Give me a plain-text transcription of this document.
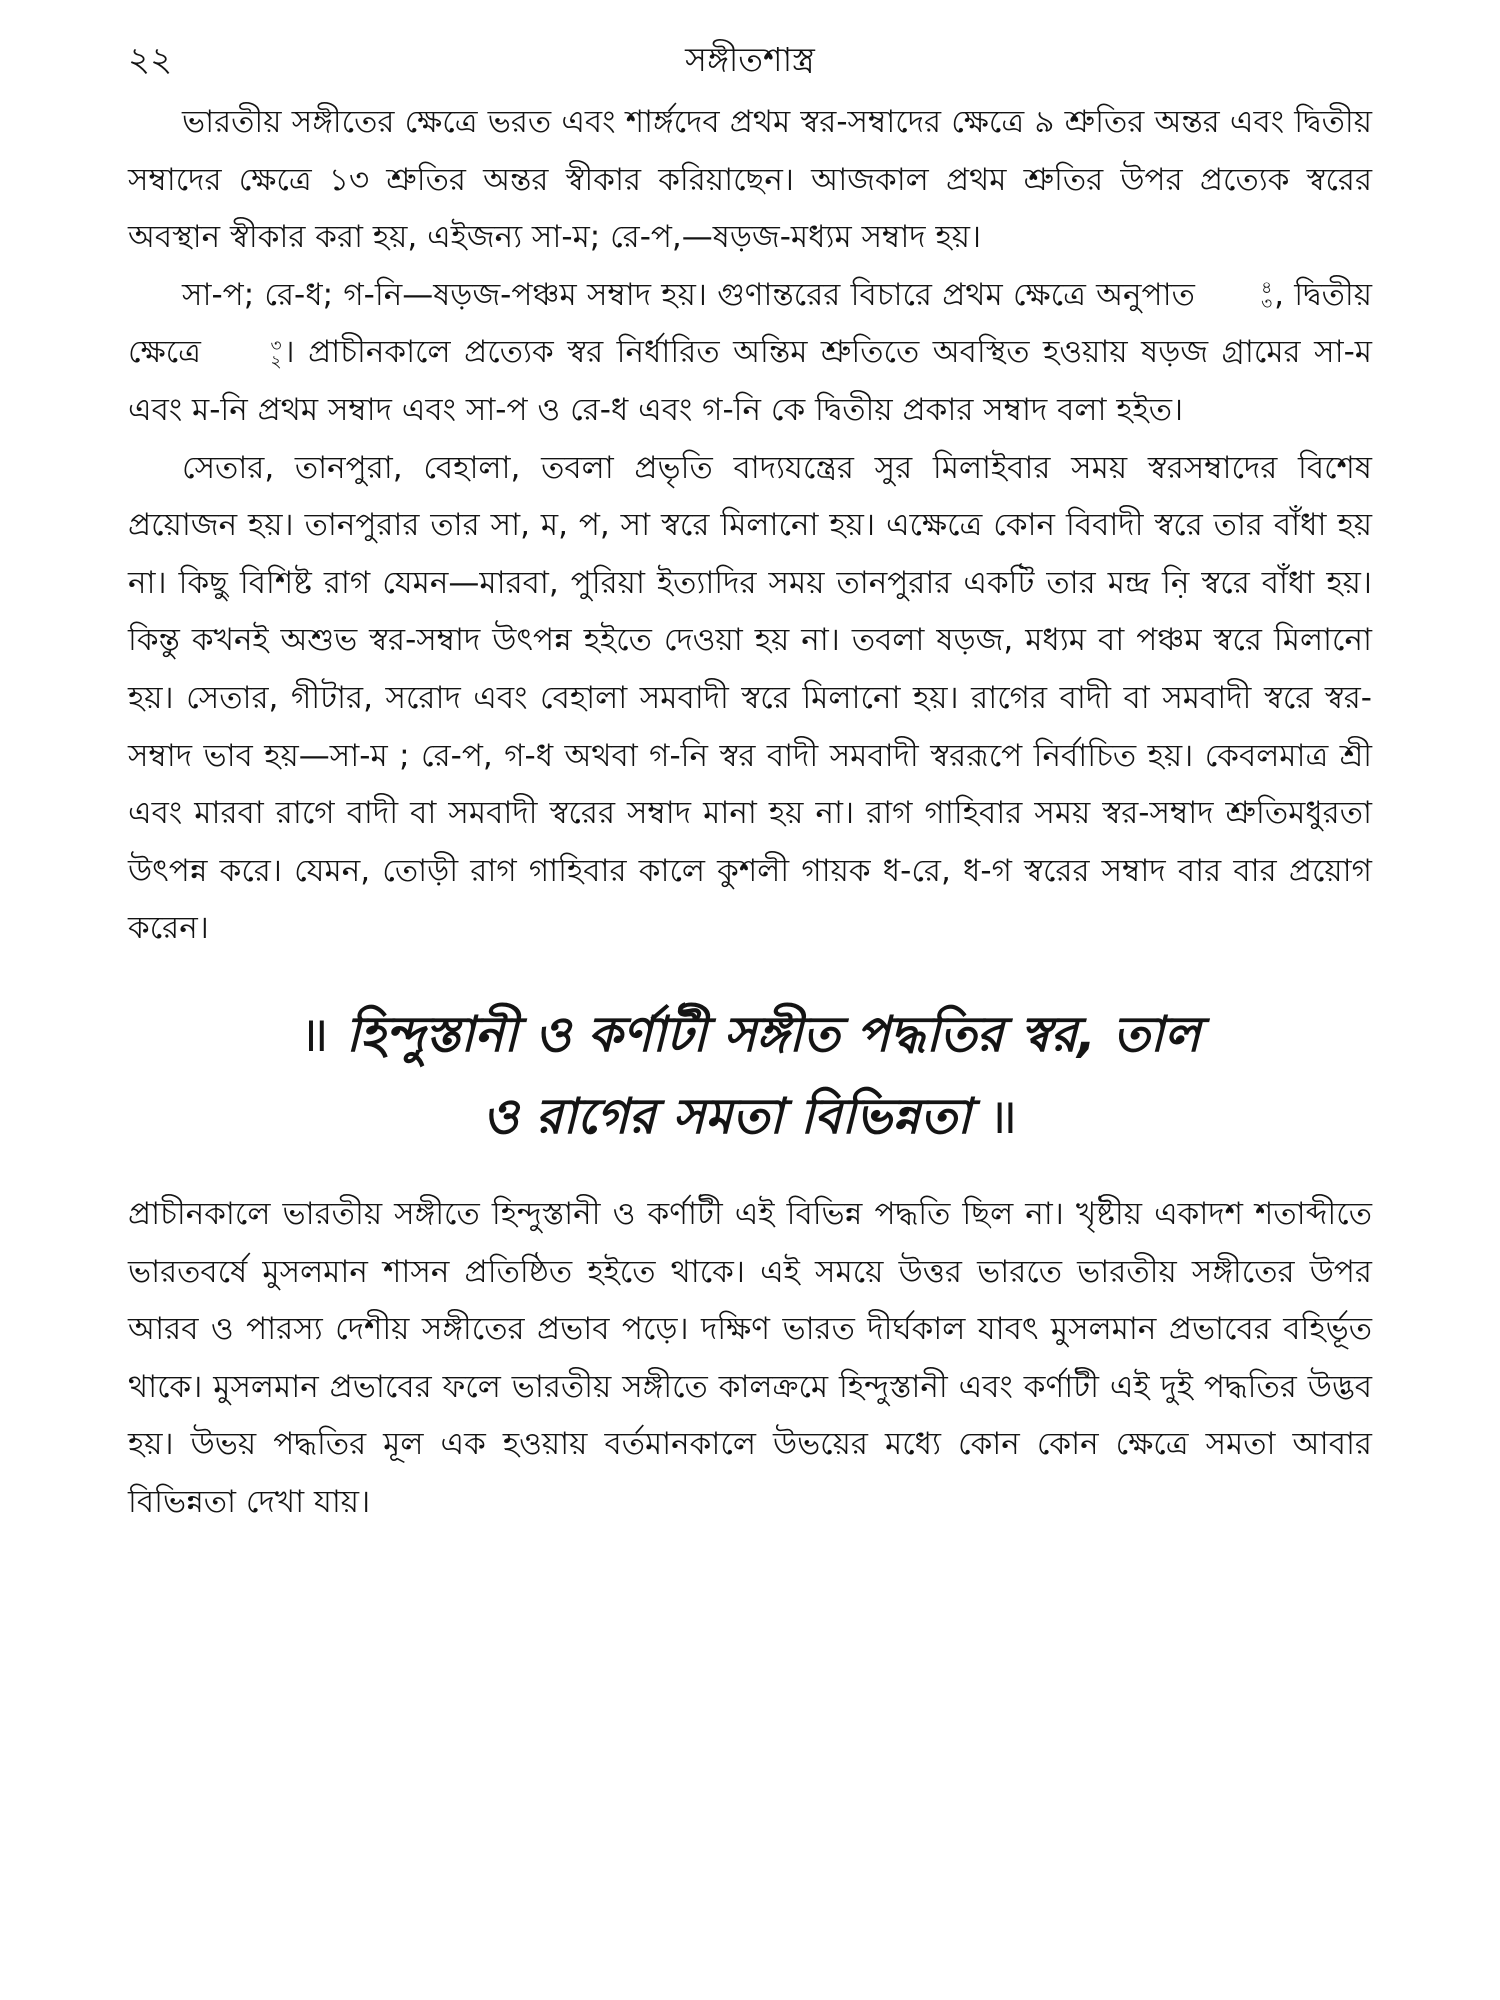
২২	সঙ্গীতশাস্ত্র

ভারতীয় সঙ্গীতের ক্ষেত্রে ভরত এবং শার্ঙ্গদেব প্রথম স্বর-সম্বাদের ক্ষেত্রে ৯ শ্রুতির অন্তর এবং দ্বিতীয় সম্বাদের ক্ষেত্রে ১৩ শ্রুতির অন্তর স্বীকার করিয়াছেন। আজকাল প্রথম শ্রুতির উপর প্রত্যেক স্বরের অবস্থান স্বীকার করা হয়, এইজন্য সা-ম; রে-প,—ষড়জ-মধ্যম সম্বাদ হয়।

সা-প; রে-ধ; গ-নি—ষড়জ-পঞ্চম সম্বাদ হয়। গুণান্তরের বিচারে প্রথম ক্ষেত্রে অনুপাত	৪
৩ , দ্বিতীয় ক্ষেত্রে	৩
২ । প্রাচীনকালে প্রত্যেক স্বর নির্ধারিত অন্তিম শ্রুতিতে অবস্থিত হওয়ায় ষড়জ গ্রামের সা-ম এবং ম-নি প্রথম সম্বাদ এবং সা-প ও রে-ধ এবং গ-নি কে দ্বিতীয় প্রকার সম্বাদ বলা হইত।

সেতার, তানপুরা, বেহালা, তবলা প্রভৃতি বাদ্যযন্ত্রের সুর মিলাইবার সময় স্বরসম্বাদের বিশেষ প্রয়োজন হয়। তানপুরার তার সা, ম, প, সা স্বরে মিলানো হয়। এক্ষেত্রে কোন বিবাদী স্বরে তার বাঁধা হয় না। কিছু বিশিষ্ট রাগ যেমন—মারবা, পুরিয়া ইত্যাদির সময় তানপুরার একটি তার মন্দ্র নি় স্বরে বাঁধা হয়। কিন্তু কখনই অশুভ স্বর-সম্বাদ উৎপন্ন হইতে দেওয়া হয় না। তবলা ষড়জ, মধ্যম বা পঞ্চম স্বরে মিলানো হয়। সেতার, গীটার, সরোদ এবং বেহালা সমবাদী স্বরে মিলানো হয়। রাগের বাদী বা সমবাদী স্বরে স্বর-সম্বাদ ভাব হয়—সা-ম ; রে-প, গ-ধ অথবা গ-নি স্বর বাদী সমবাদী স্বররূপে নির্বাচিত হয়। কেবলমাত্র শ্রী এবং মারবা রাগে বাদী বা সমবাদী স্বরের সম্বাদ মানা হয় না। রাগ গাহিবার সময় স্বর-সম্বাদ শ্রুতিমধুরতা উৎপন্ন করে। যেমন, তোড়ী রাগ গাহিবার কালে কুশলী গায়ক ধ-রে, ধ-গ স্বরের সম্বাদ বার বার প্রয়োগ করেন।

॥ হিন্দুস্তানী ও কর্ণাটী সঙ্গীত পদ্ধতির স্বর, তাল
ও রাগের সমতা বিভিন্নতা ॥

প্রাচীনকালে ভারতীয় সঙ্গীতে হিন্দুস্তানী ও কর্ণাটী এই বিভিন্ন পদ্ধতি ছিল না। খৃষ্টীয় একাদশ শতাব্দীতে ভারতবর্ষে মুসলমান শাসন প্রতিষ্ঠিত হইতে থাকে। এই সময়ে উত্তর ভারতে ভারতীয় সঙ্গীতের উপর আরব ও পারস্য দেশীয় সঙ্গীতের প্রভাব পড়ে। দক্ষিণ ভারত দীর্ঘকাল যাবৎ মুসলমান প্রভাবের বহির্ভূত থাকে। মুসলমান প্রভাবের ফলে ভারতীয় সঙ্গীতে কালক্রমে হিন্দুস্তানী এবং কর্ণাটী এই দুই পদ্ধতির উদ্ভব হয়। উভয় পদ্ধতির মূল এক হওয়ায় বর্তমানকালে উভয়ের মধ্যে কোন কোন ক্ষেত্রে সমতা আবার বিভিন্নতা দেখা যায়।
